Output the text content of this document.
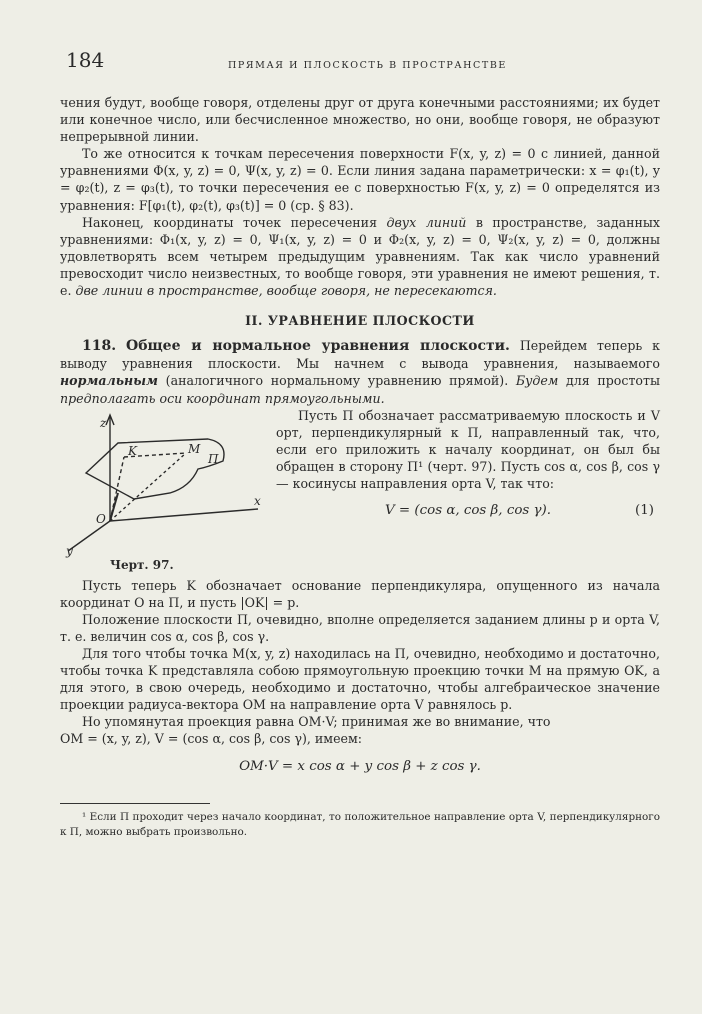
184	ПРЯМАЯ И ПЛОСКОСТЬ В ПРОСТРАНСТВЕ

чения будут, вообще говоря, отделены друг от друга конечными расстояниями; их будет или конечное число, или бесчисленное множество, но они, вообще говоря, не образуют непрерывной линии.

То же относится к точкам пересечения поверхности F(x, y, z) = 0 с линией, данной уравнениями Φ(x, y, z) = 0, Ψ(x, y, z) = 0. Если линия задана параметрически: x = φ₁(t), y = φ₂(t), z = φ₃(t), то точки пересечения ее с поверхностью F(x, y, z) = 0 определятся из уравнения: F[φ₁(t), φ₂(t), φ₃(t)] = 0 (ср. § 83).

Наконец, координаты точек пересечения двух линий в пространстве, заданных уравнениями: Φ₁(x, y, z) = 0, Ψ₁(x, y, z) = 0 и Φ₂(x, y, z) = 0, Ψ₂(x, y, z) = 0, должны удовлетворять всем четырем предыдущим уравнениям. Так как число уравнений превосходит число неизвестных, то вообще говоря, эти уравнения не имеют решения, т. е. две линии в пространстве, вообще говоря, не пересекаются.

II. УРАВНЕНИЕ ПЛОСКОСТИ

118. Общее и нормальное уравнения плоскости. Перейдем теперь к выводу уравнения плоскости. Мы начнем с вывода уравнения, называемого нормальным (аналогичного нормальному уравнению прямой). Будем для простоты предполагать оси координат прямоугольными.

z
K	M
Π
O
y
x
Черт. 97.

Пусть Π обозначает рассматриваемую плоскость и V орт, перпендикулярный к Π, направленный так, что, если его приложить к началу координат, он был бы обращен в сторону Π¹ (черт. 97). Пусть cos α, cos β, cos γ — косинусы направления орта V, так что:

V = (cos α, cos β, cos γ).	(1)

Пусть теперь K обозначает основание перпендикуляра, опущенного из начала координат O на Π, и пусть |OK| = p.

Положение плоскости Π, очевидно, вполне определяется заданием длины p и орта V, т. е. величин cos α, cos β, cos γ.

Для того чтобы точка M(x, y, z) находилась на Π, очевидно, необходимо и достаточно, чтобы точка K представляла собою прямоугольную проекцию точки M на прямую OK, а для этого, в свою очередь, необходимо и достаточно, чтобы алгебраическое значение проекции радиуса-вектора OM на направление орта V равнялось p.

Но упомянутая проекция равна OM·V; принимая же во внимание, что

OM = (x, y, z), V = (cos α, cos β, cos γ), имеем:

OM·V = x cos α + y cos β + z cos γ.

¹ Если Π проходит через начало координат, то положительное направление орта V, перпендикулярного к Π, можно выбрать произвольно.
